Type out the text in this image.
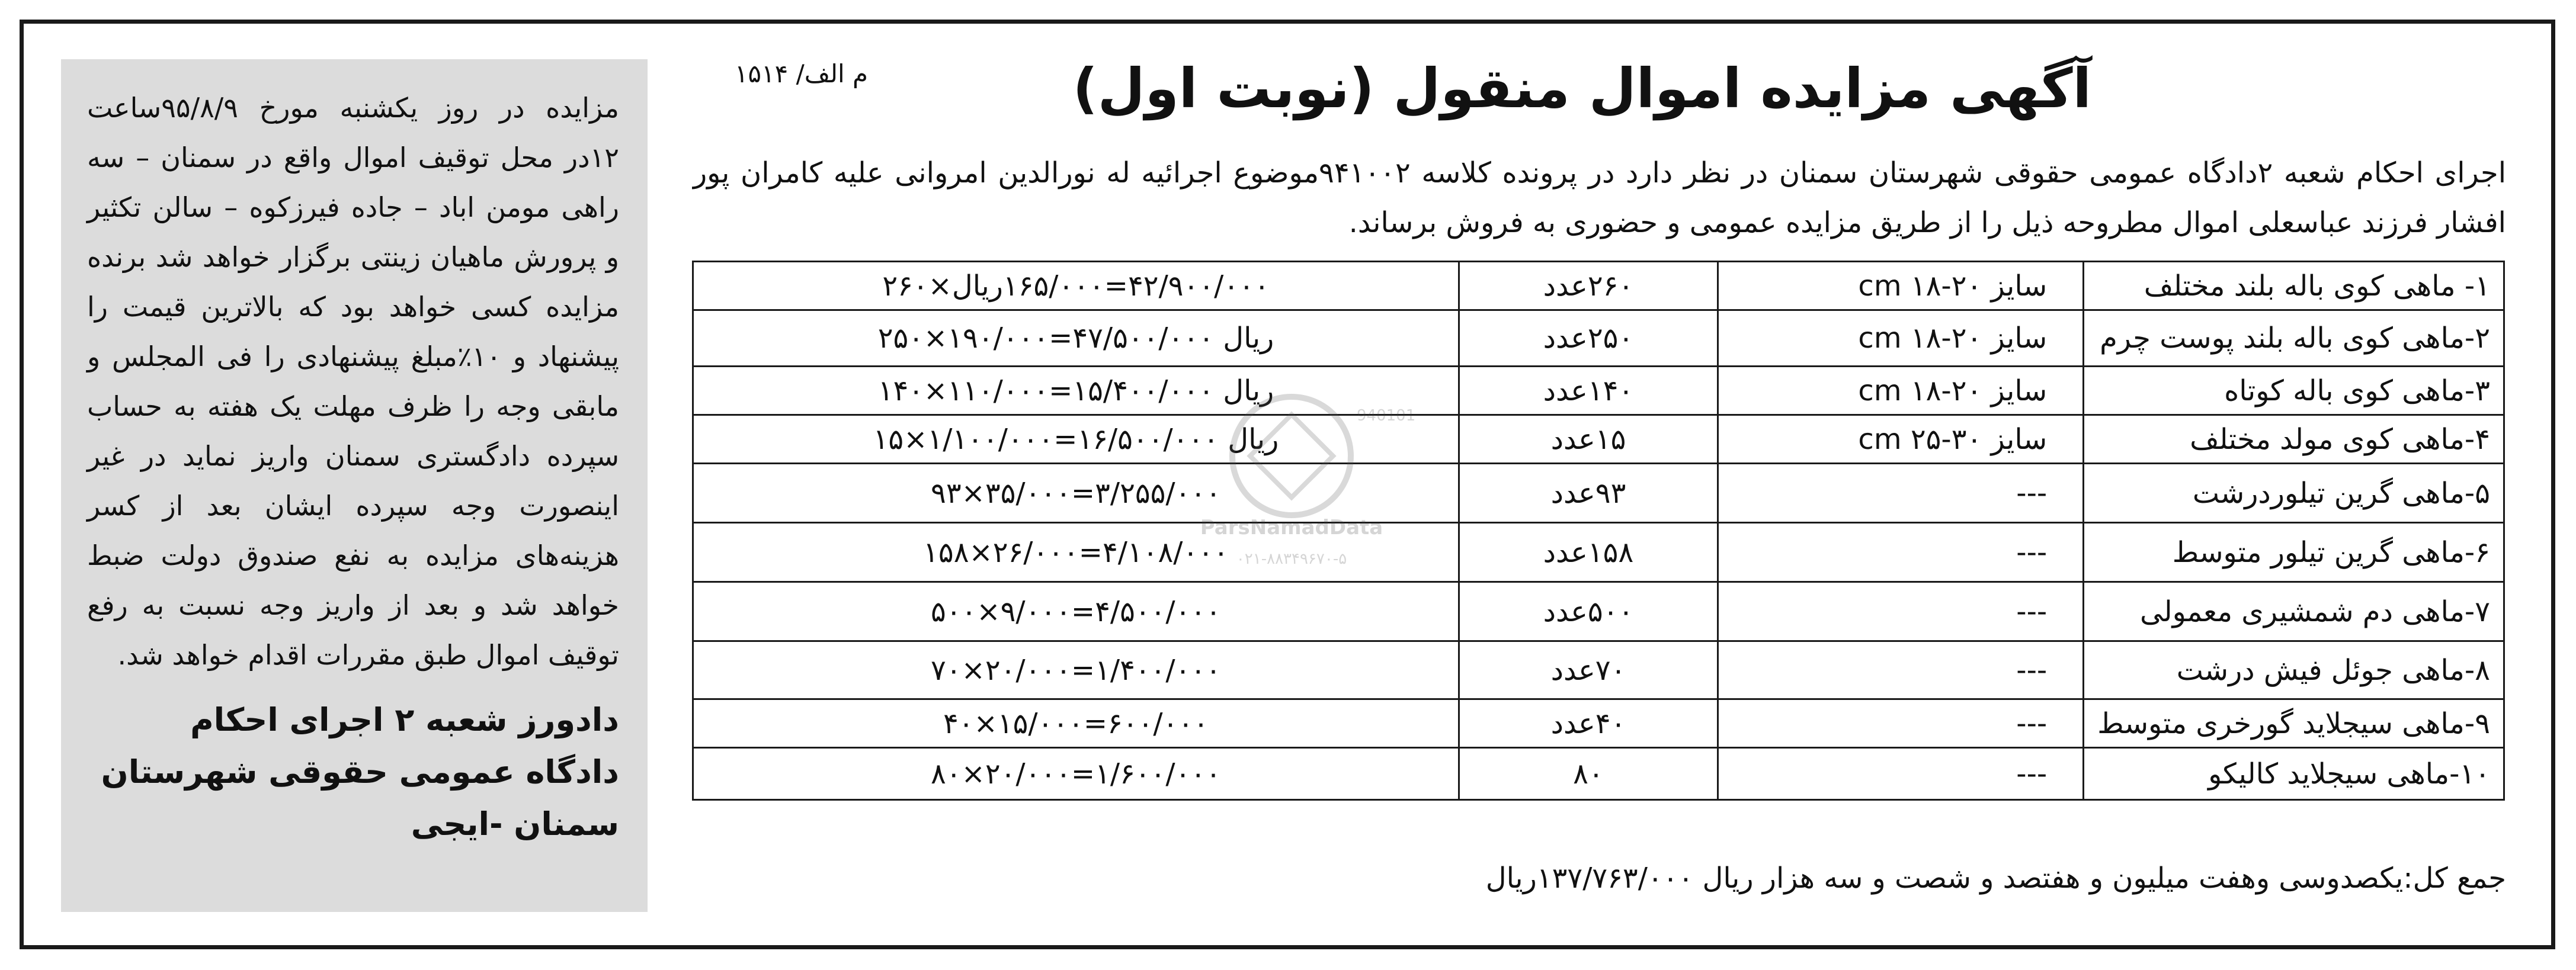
مزایده در روز یکشنبه مورخ ۹۵/۸/۹ساعت ۱۲در محل توقیف اموال واقع در سمنان – سه راهی مومن اباد – جاده فیرزکوه – سالن تکثیر و پرورش ماهیان زینتی برگزار خواهد شد برنده مزایده کسی خواهد بود که بالاترین قیمت را پیشنهاد و ۱۰٪مبلغ پیشنهادی را فی المجلس و مابقی وجه را ظرف مهلت یک هفته به حساب سپرده دادگستری سمنان واریز نماید در غیر اینصورت وجه سپرده ایشان بعد از کسر هزینه‌های مزایده به نفع صندوق دولت ضبط خواهد شد و بعد از واریز وجه نسبت به رفع توقیف اموال طبق مقررات اقدام خواهد شد.

دادورز شعبه ۲ اجرای احکام دادگاه عمومی حقوقی شهرستان سمنان -ایجی
م الف/ ۱۵۱۴	آگهی مزایده اموال منقول (نوبت اول)

اجرای احکام شعبه ۲دادگاه عمومی حقوقی شهرستان سمنان در نظر دارد در پرونده کلاسه ۹۴۱۰۰۲موضوع اجرائیه له نورالدین امروانی علیه کامران پور افشار فرزند عباسعلی اموال مطروحه ذیل را از طریق مزایده عمومی و حضوری به فروش برساند.

۱- ماهی کوی باله بلند مختلف	سایز ۲۰-۱۸ cm	۲۶۰عدد	۴۲/۹۰۰/۰۰۰=۱۶۵/۰۰۰ریال×۲۶۰
۲-ماهی کوی باله بلند پوست چرم	سایز ۲۰-۱۸ cm	۲۵۰عدد	ریال ۴۷/۵۰۰/۰۰۰=۱۹۰/۰۰۰×۲۵۰
۳-ماهی کوی باله کوتاه	سایز ۲۰-۱۸ cm	۱۴۰عدد	ریال ۱۵/۴۰۰/۰۰۰=۱۱۰/۰۰۰×۱۴۰
۴-ماهی کوی مولد مختلف	سایز ۳۰-۲۵ cm	۱۵عدد	ریال ۱۶/۵۰۰/۰۰۰=۱/۱۰۰/۰۰۰×۱۵
۵-ماهی گرین تیلوردرشت	---	۹۳عدد	۳/۲۵۵/۰۰۰=۳۵/۰۰۰×۹۳
۶-ماهی گرین تیلور متوسط	---	۱۵۸عدد	۴/۱۰۸/۰۰۰=۲۶/۰۰۰×۱۵۸
۷-ماهی دم شمشیری معمولی	---	۵۰۰عدد	۴/۵۰۰/۰۰۰=۹/۰۰۰×۵۰۰
۸-ماهی جوئل فیش درشت	---	۷۰عدد	۱/۴۰۰/۰۰۰=۲۰/۰۰۰×۷۰
۹-ماهی سیجلاید گورخری متوسط	---	۴۰عدد	۶۰۰/۰۰۰=۱۵/۰۰۰×۴۰
۱۰-ماهی سیجلاید کالیکو	---	۸۰	۱/۶۰۰/۰۰۰=۲۰/۰۰۰×۸۰
جمع کل:یکصدوسی وهفت میلیون و هفتصد و شصت و سه هزار ریال ۱۳۷/۷۶۳/۰۰۰ریال
940101
ParsNamadData
۰۲۱-۸۸۳۴۹۶۷۰-۵
